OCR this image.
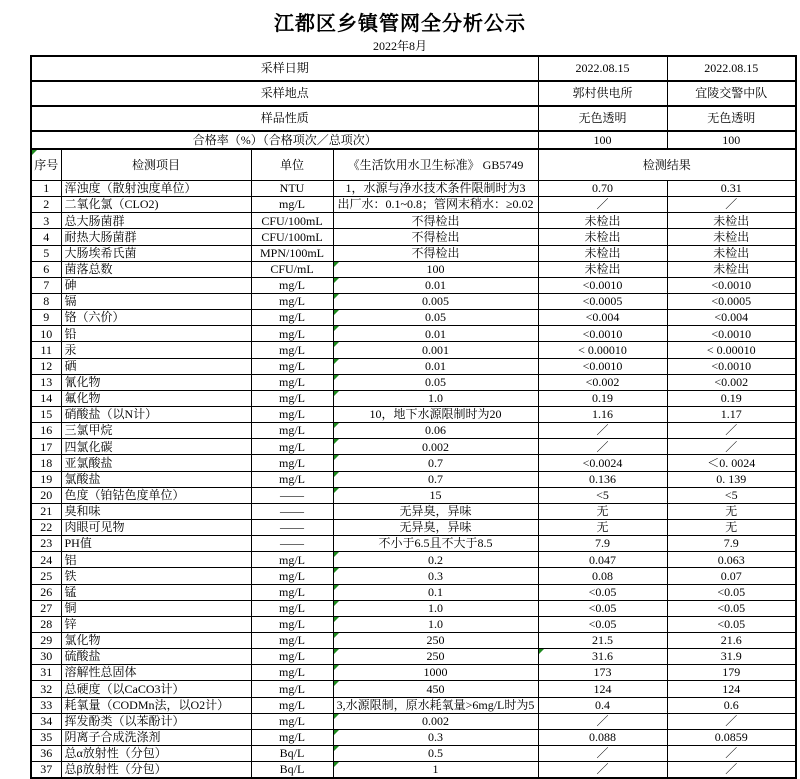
江都区乡镇管网全分析公示
2022年8月
采样日期				2022.08.15	2022.08.15
采样地点				郭村供电所	宜陵交警中队
样品性质				无色透明	无色透明
合格率（%）（合格项次／总项次）				100	100
序号	检测项目	单位	《生活饮用水卫生标准》 GB5749	检测结果	
1	浑浊度（散射浊度单位）	NTU	1，水源与净水技术条件限制时为3	0.70	0.31
2	二氧化氯（CLO2)	mg/L	出厂水：0.1~0.8；管网末稍水：≥0.02	／	／
3	总大肠菌群	CFU/100mL	不得检出	未检出	未检出
4	耐热大肠菌群	CFU/100mL	不得检出	未检出	未检出
5	大肠埃希氏菌	MPN/100mL	不得检出	未检出	未检出
6	菌落总数	CFU/mL	100	未检出	未检出
7	砷	mg/L	0.01	<0.0010	<0.0010
8	镉	mg/L	0.005	<0.0005	<0.0005
9	铬（六价）	mg/L	0.05	<0.004	<0.004
10	铅	mg/L	0.01	<0.0010	<0.0010
11	汞	mg/L	0.001	< 0.00010	< 0.00010
12	硒	mg/L	0.01	<0.0010	<0.0010
13	氰化物	mg/L	0.05	<0.002	<0.002
14	氟化物	mg/L	1.0	0.19	0.19
15	硝酸盐（以N计）	mg/L	10，地下水源限制时为20	1.16	1.17
16	三氯甲烷	mg/L	0.06	／	／
17	四氯化碳	mg/L	0.002	／	／
18	亚氯酸盐	mg/L	0.7	<0.0024	＜0. 0024
19	氯酸盐	mg/L	0.7	0.136	0. 139
20	色度（铂钴色度单位）	——	15	<5	<5
21	臭和味	——	无异臭，异味	无	无
22	肉眼可见物	——	无异臭，异味	无	无
23	PH值	——	不小于6.5且不大于8.5	7.9	7.9
24	铝	mg/L	0.2	0.047	0.063
25	铁	mg/L	0.3	0.08	0.07
26	锰	mg/L	0.1	<0.05	<0.05
27	铜	mg/L	1.0	<0.05	<0.05
28	锌	mg/L	1.0	<0.05	<0.05
29	氯化物	mg/L	250	21.5	21.6
30	硫酸盐	mg/L	250	31.6	31.9
31	溶解性总固体	mg/L	1000	173	179
32	总硬度（以CaCO3计）	mg/L	450	124	124
33	耗氧量（CODMn法，以O2计）	mg/L	3,水源限制，原水耗氧量>6mg/L时为5	0.4	0.6
34	挥发酚类（以苯酚计）	mg/L	0.002	／	／
35	阴离子合成洗涤剂	mg/L	0.3	0.088	0.0859
36	总α放射性（分包）	Bq/L	0.5	／	／
37	总β放射性（分包）	Bq/L	1	／	／
